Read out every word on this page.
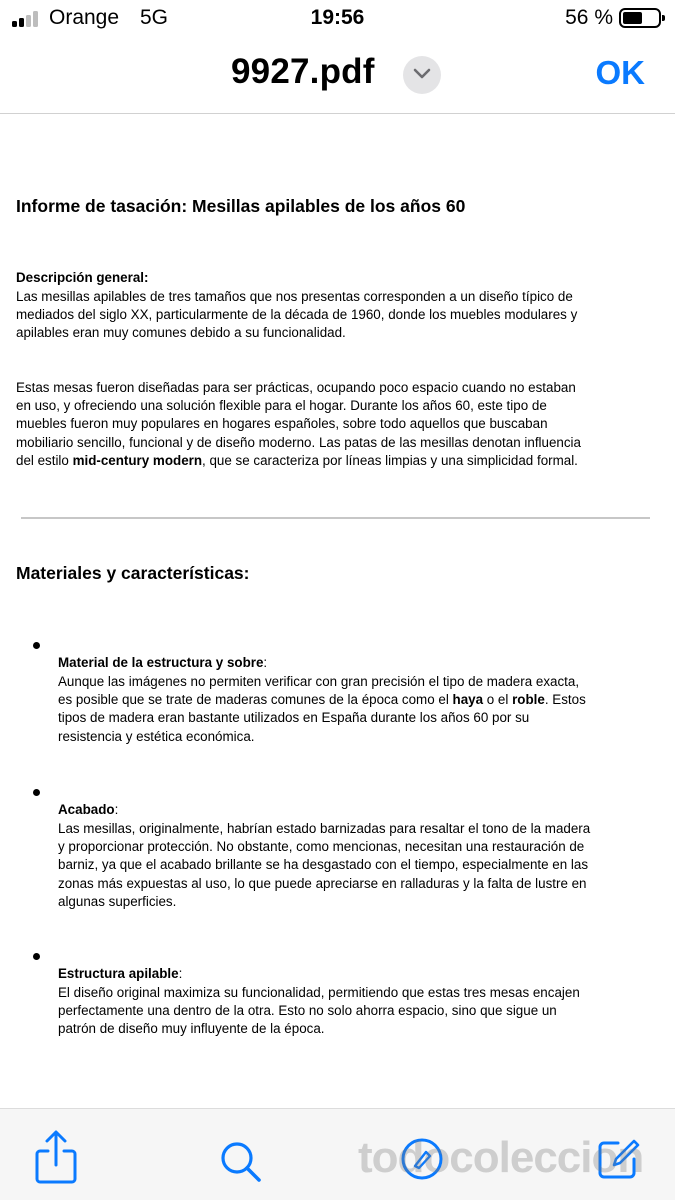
Orange 5G	19:56	56 %
9927.pdf	OK
Informe de tasación: Mesillas apilables de los años 60
Descripción general:
Las mesillas apilables de tres tamaños que nos presentas corresponden a un diseño típico de
mediados del siglo XX, particularmente de la década de 1960, donde los muebles modulares y
apilables eran muy comunes debido a su funcionalidad.
Estas mesas fueron diseñadas para ser prácticas, ocupando poco espacio cuando no estaban
en uso, y ofreciendo una solución flexible para el hogar. Durante los años 60, este tipo de
muebles fueron muy populares en hogares españoles, sobre todo aquellos que buscaban
mobiliario sencillo, funcional y de diseño moderno. Las patas de las mesillas denotan influencia
del estilo mid-century modern, que se caracteriza por líneas limpias y una simplicidad formal.
Materiales y características:
Material de la estructura y sobre:
Aunque las imágenes no permiten verificar con gran precisión el tipo de madera exacta,
es posible que se trate de maderas comunes de la época como el haya o el roble. Estos
tipos de madera eran bastante utilizados en España durante los años 60 por su
resistencia y estética económica.
Acabado:
Las mesillas, originalmente, habrían estado barnizadas para resaltar el tono de la madera
y proporcionar protección. No obstante, como mencionas, necesitan una restauración de
barniz, ya que el acabado brillante se ha desgastado con el tiempo, especialmente en las
zonas más expuestas al uso, lo que puede apreciarse en ralladuras y la falta de lustre en
algunas superficies.
Estructura apilable:
El diseño original maximiza su funcionalidad, permitiendo que estas tres mesas encajen
perfectamente una dentro de la otra. Esto no solo ahorra espacio, sino que sigue un
patrón de diseño muy influyente de la época.
todocoleccion
